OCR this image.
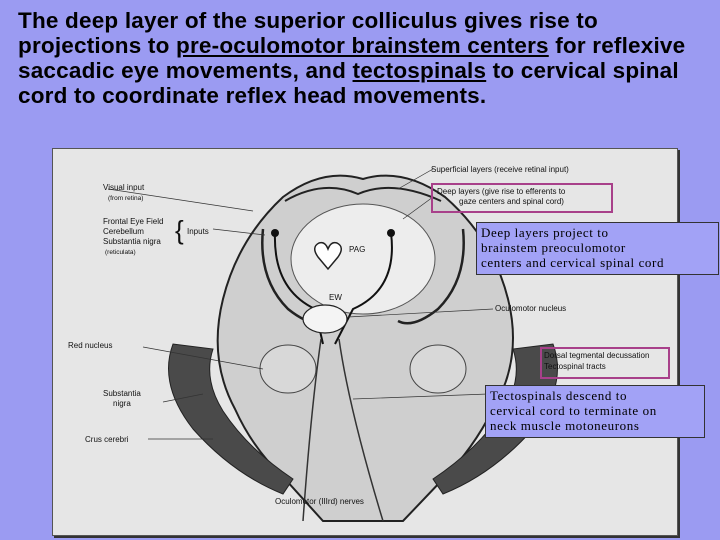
The deep layer of the superior colliculus gives rise to projections to pre-oculomotor brainstem centers for reflexive saccadic eye movements, and tectospinals to cervical spinal cord to coordinate reflex head movements.
Superficial layers (receive retinal input)
Deep layers (give rise to efferents to
gaze centers and spinal cord)
Visual input
(from retina)
Frontal Eye Field
Cerebellum
Substantia nigra
(reticulata)
{ Inputs
PAG
EW
Oculomotor nucleus
Red nucleus
Dorsal tegmental decussation
Tectospinal tracts
Substantia
nigra
Crus cerebri
Oculomotor (IIIrd) nerves
Deep layers project to
brainstem preoculomotor
centers and cervical spinal cord
Tectospinals descend to
cervical cord to terminate on
neck muscle motoneurons
